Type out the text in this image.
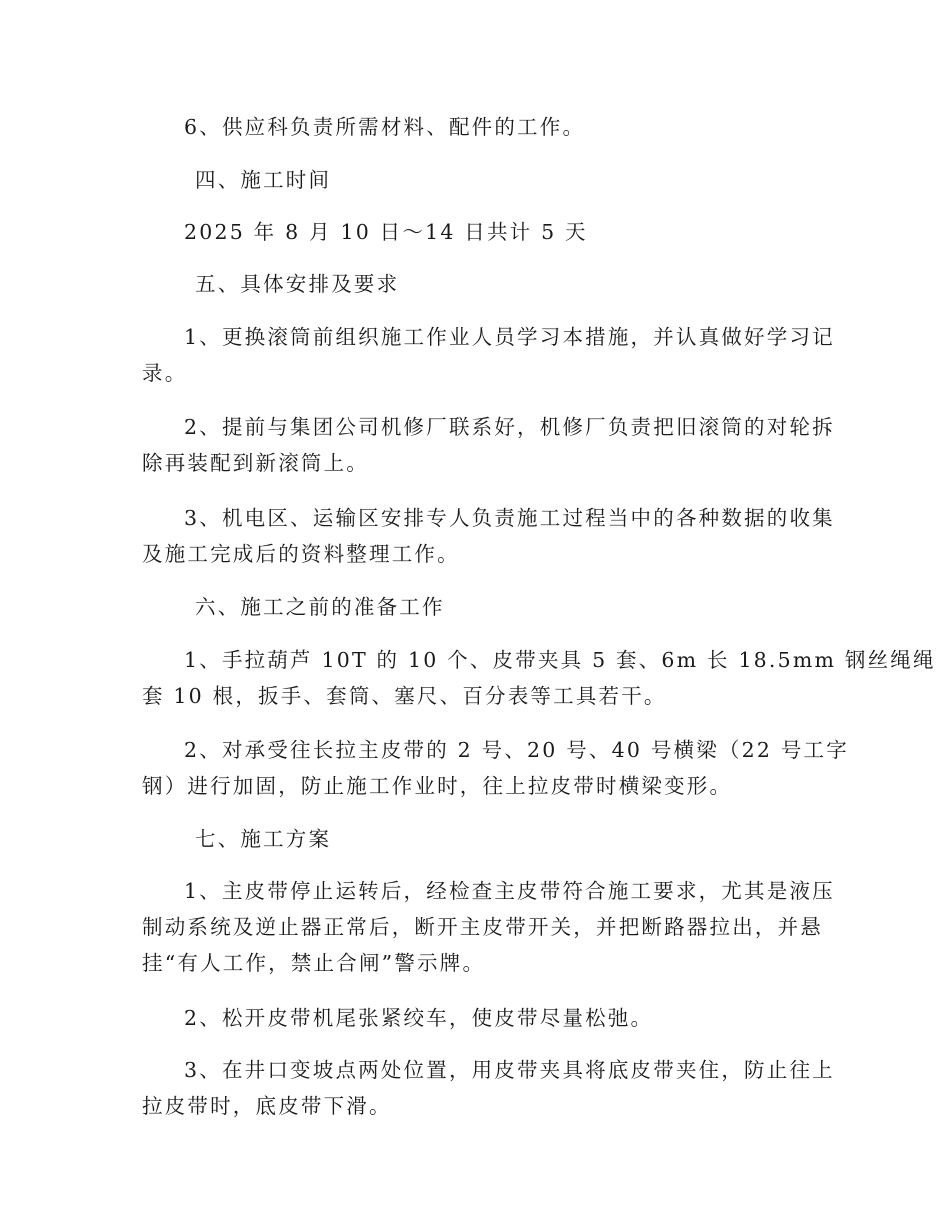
6、供应科负责所需材料、配件的工作。
四、施工时间
2025 年 8 月 10 日～14 日共计 5 天
五、具体安排及要求
1、更换滚筒前组织施工作业人员学习本措施，并认真做好学习记
录。
2、提前与集团公司机修厂联系好，机修厂负责把旧滚筒的对轮拆
除再装配到新滚筒上。
3、机电区、运输区安排专人负责施工过程当中的各种数据的收集
及施工完成后的资料整理工作。
六、施工之前的准备工作
1、手拉葫芦 10T 的 10 个、皮带夹具 5 套、6m 长 18.5mm 钢丝绳绳
套 10 根，扳手、套筒、塞尺、百分表等工具若干。
2、对承受往长拉主皮带的 2 号、20 号、40 号横梁（22 号工字
钢）进行加固，防止施工作业时，往上拉皮带时横梁变形。
七、施工方案
1、主皮带停止运转后，经检查主皮带符合施工要求，尤其是液压
制动系统及逆止器正常后，断开主皮带开关，并把断路器拉出，并悬
挂“有人工作，禁止合闸”警示牌。
2、松开皮带机尾张紧绞车，使皮带尽量松弛。
3、在井口变坡点两处位置，用皮带夹具将底皮带夹住，防止往上
拉皮带时，底皮带下滑。
